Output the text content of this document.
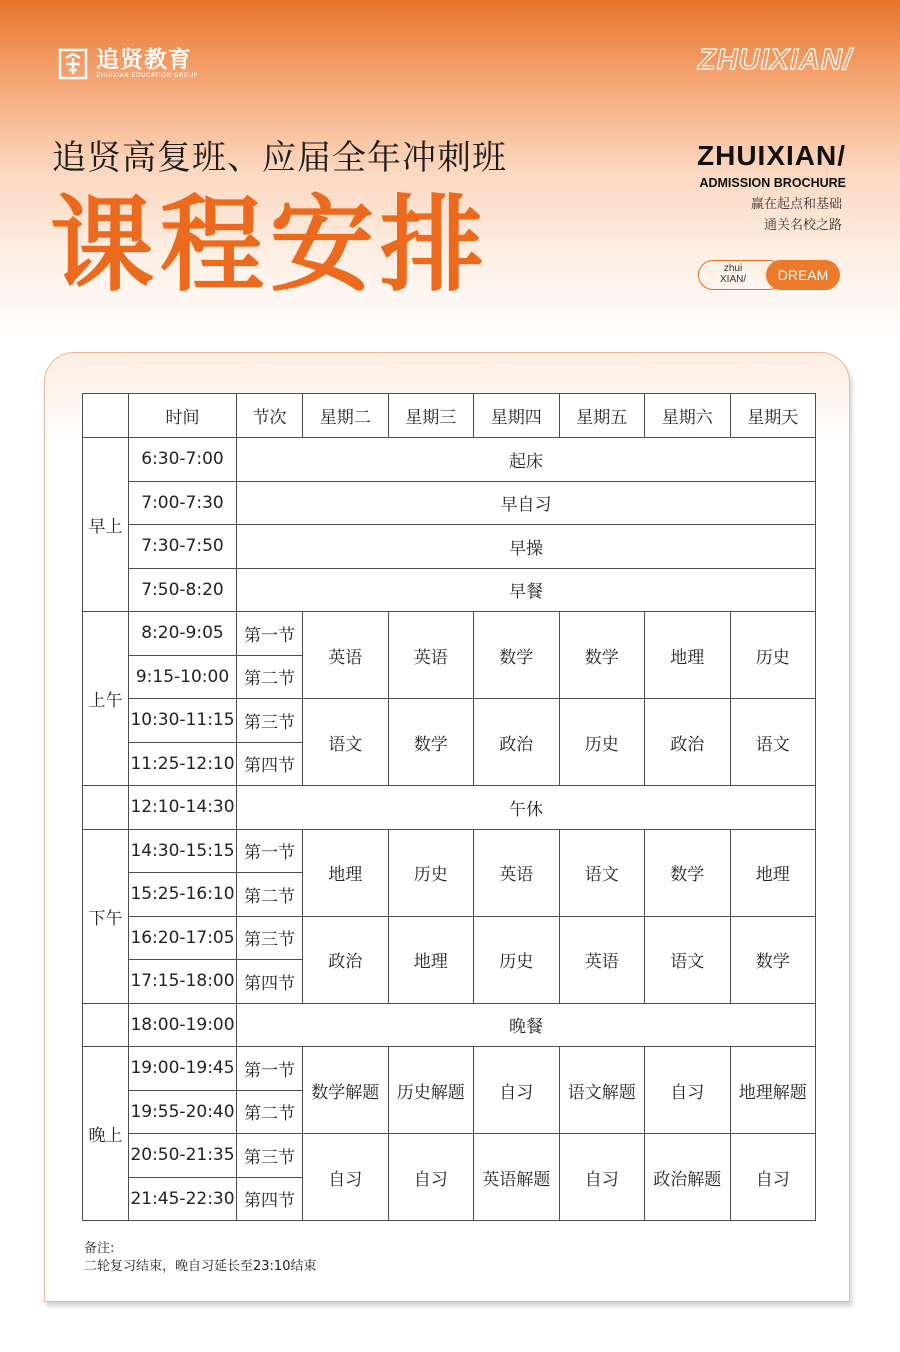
追贤教育
ZHUIXIAN EDUCATION GROUP	ZHUIXIAN/
追贤高复班、应届全年冲刺班
课程安排
ZHUIXIAN/
ADMISSION BROCHURE
赢在起点和基础
通关名校之路
zhui
XIAN/	DREAM
	时间	节次	星期二	星期三	星期四	星期五	星期六	星期天
早上	6:30-7:00	起床						
	7:00-7:30	早自习						
	7:30-7:50	早操						
	7:50-8:20	早餐						
上午	8:20-9:05	第一节	英语	英语	数学	数学	地理	历史
	9:15-10:00	第二节						
	10:30-11:15	第三节	语文	数学	政治	历史	政治	语文
	11:25-12:10	第四节						
	12:10-14:30	午休						
下午	14:30-15:15	第一节	地理	历史	英语	语文	数学	地理
	15:25-16:10	第二节						
	16:20-17:05	第三节	政治	地理	历史	英语	语文	数学
	17:15-18:00	第四节						
	18:00-19:00	晚餐						
晚上	19:00-19:45	第一节	数学解题	历史解题	自习	语文解题	自习	地理解题
	19:55-20:40	第二节						
	20:50-21:35	第三节	自习	自习	英语解题	自习	政治解题	自习
	21:45-22:30	第四节						
备注:
二轮复习结束，晚自习延长至23:10结束
